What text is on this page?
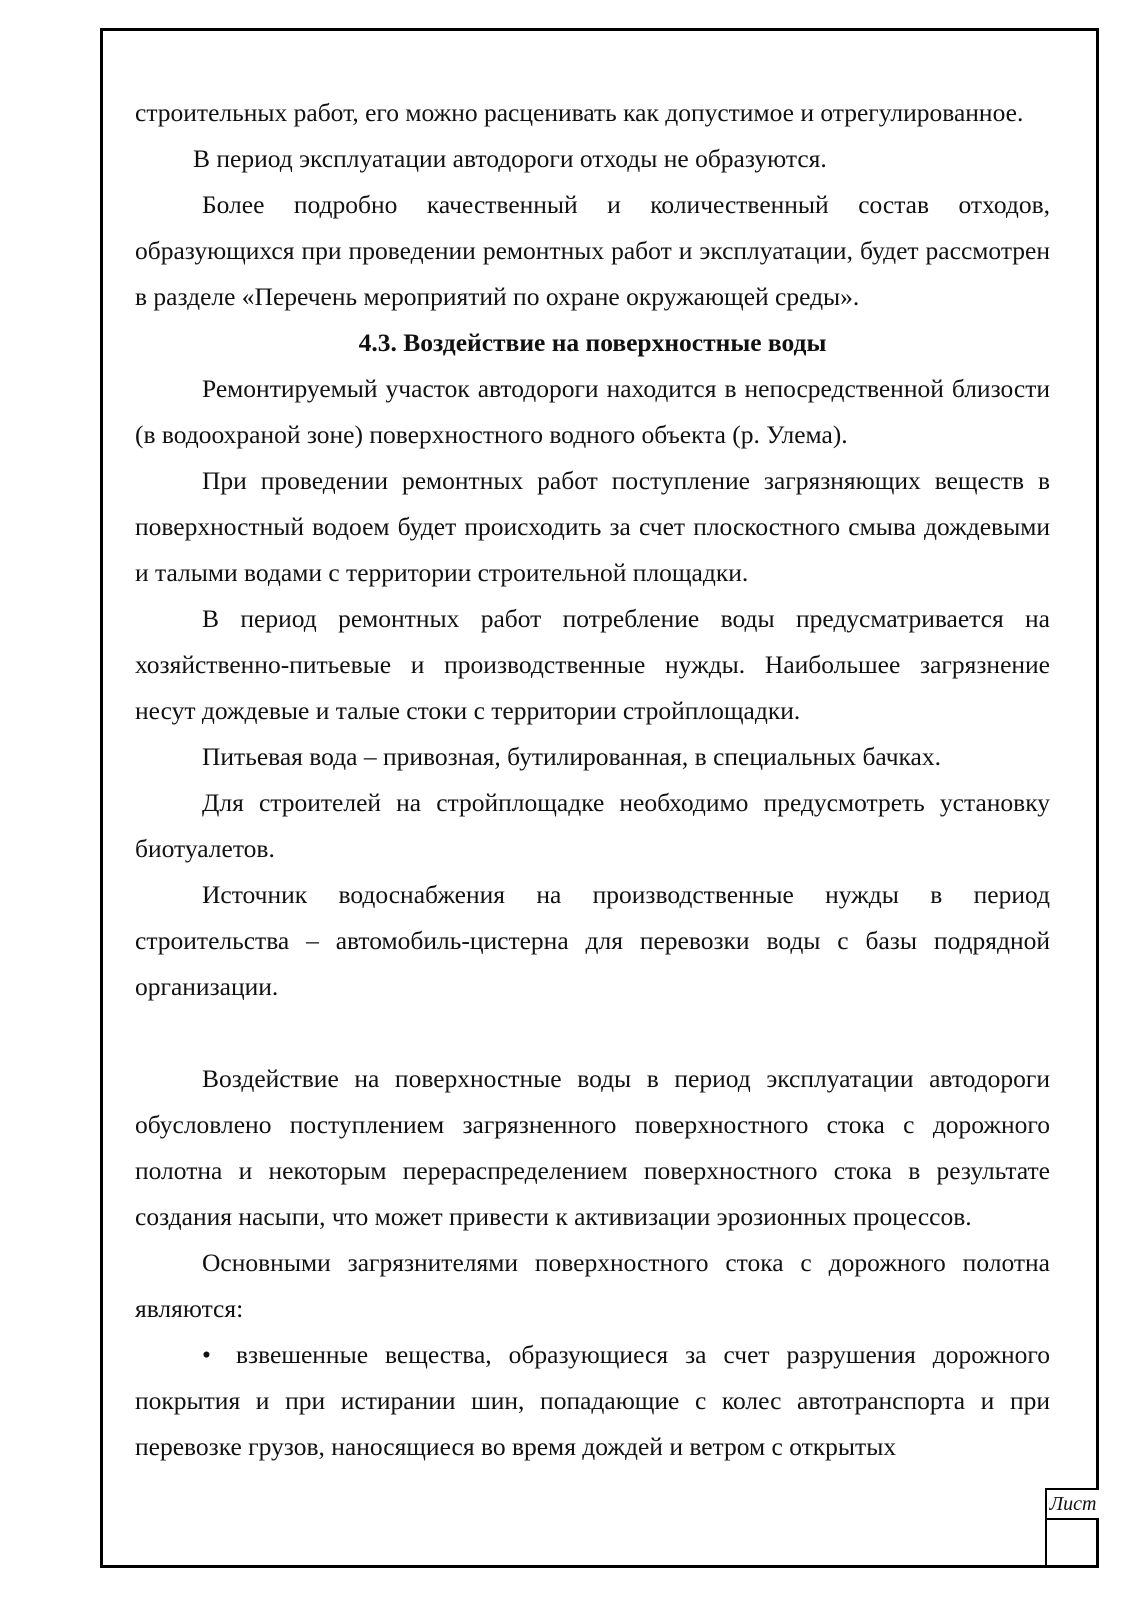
строительных работ, его можно расценивать как допустимое и отрегулированное.

В период эксплуатации автодороги отходы не образуются.

Более подробно качественный и количественный состав отходов, образующихся при проведении ремонтных работ и эксплуатации, будет рассмотрен в разделе «Перечень мероприятий по охране окружающей среды».

4.3. Воздействие на поверхностные воды

Ремонтируемый участок автодороги находится в непосредственной близости (в водоохраной зоне) поверхностного водного объекта (р. Улема).

При проведении ремонтных работ поступление загрязняющих веществ в поверхностный водоем будет происходить за счет плоскостного смыва дождевыми и талыми водами с территории строительной площадки.

В период ремонтных работ потребление воды предусматривается на хозяйственно-питьевые и производственные нужды. Наибольшее загрязнение несут дождевые и талые стоки с территории стройплощадки.

Питьевая вода – привозная, бутилированная, в специальных бачках.

Для строителей на стройплощадке необходимо предусмотреть установку биотуалетов.

Источник водоснабжения на производственные нужды в период строительства – автомобиль-цистерна для перевозки воды с базы подрядной организации.

Воздействие на поверхностные воды в период эксплуатации автодороги обусловлено поступлением загрязненного поверхностного стока с дорожного полотна и некоторым перераспределением поверхностного стока в результате создания насыпи, что может привести к активизации эрозионных процессов.

Основными загрязнителями поверхностного стока с дорожного полотна являются:

• взвешенные вещества, образующиеся за счет разрушения дорожного покрытия и при истирании шин, попадающие с колес автотранспорта и при перевозке грузов, наносящиеся во время дождей и ветром с открытых

Лист
